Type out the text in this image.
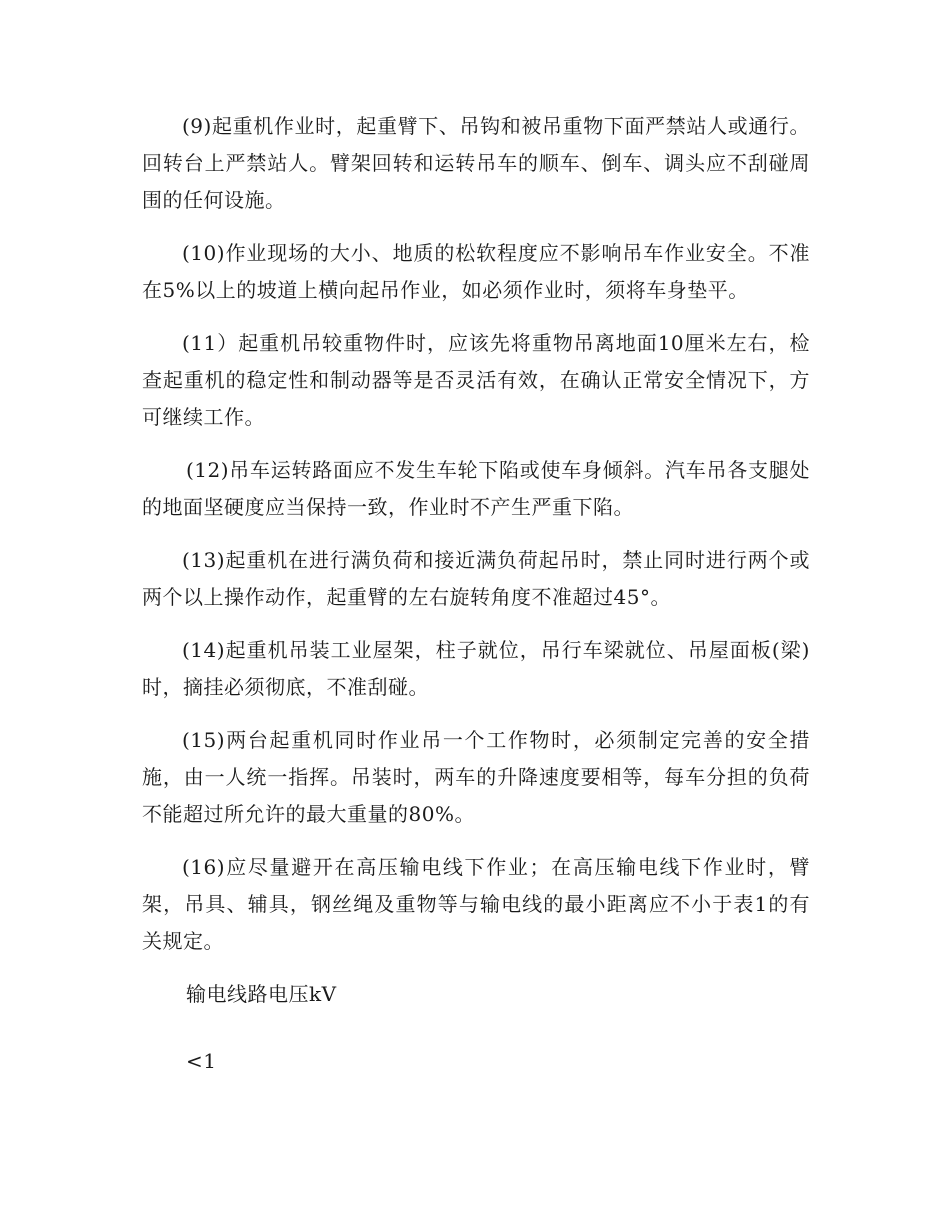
(9)起重机作业时，起重臂下、吊钩和被吊重物下面严禁站人或通行。回转台上严禁站人。臂架回转和运转吊车的顺车、倒车、调头应不刮碰周围的任何设施。

(10)作业现场的大小、地质的松软程度应不影响吊车作业安全。不准在5%以上的坡道上横向起吊作业，如必须作业时，须将车身垫平。

(11）起重机吊较重物件时，应该先将重物吊离地面10厘米左右，检查起重机的稳定性和制动器等是否灵活有效，在确认正常安全情况下，方可继续工作。

(12)吊车运转路面应不发生车轮下陷或使车身倾斜。汽车吊各支腿处的地面坚硬度应当保持一致，作业时不产生严重下陷。

(13)起重机在进行满负荷和接近满负荷起吊时，禁止同时进行两个或两个以上操作动作，起重臂的左右旋转角度不准超过45°。

(14)起重机吊装工业屋架，柱子就位，吊行车梁就位、吊屋面板(梁)时，摘挂必须彻底，不准刮碰。

(15)两台起重机同时作业吊一个工作物时，必须制定完善的安全措施，由一人统一指挥。吊装时，两车的升降速度要相等，每车分担的负荷不能超过所允许的最大重量的80%。

(16)应尽量避开在高压输电线下作业；在高压输电线下作业时，臂架，吊具、辅具，钢丝绳及重物等与输电线的最小距离应不小于表1的有关规定。

输电线路电压kV

<1
